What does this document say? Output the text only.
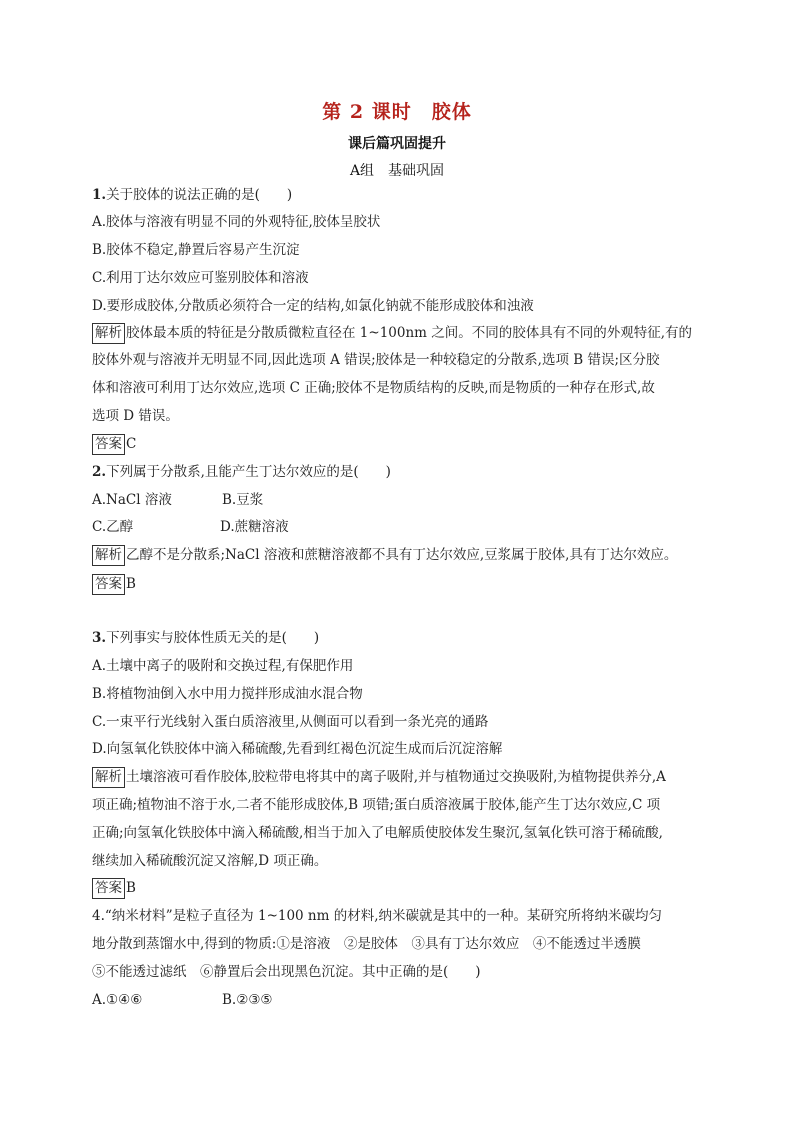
第 2 课时　胶体
课后篇巩固提升
A组　基础巩固
1.关于胶体的说法正确的是(　　)
A.胶体与溶液有明显不同的外观特征,胶体呈胶状
B.胶体不稳定,静置后容易产生沉淀
C.利用丁达尔效应可鉴别胶体和溶液
D.要形成胶体,分散质必须符合一定的结构,如氯化钠就不能形成胶体和浊液
解析 胶体最本质的特征是分散质微粒直径在 1~100nm 之间。不同的胶体具有不同的外观特征,有的
胶体外观与溶液并无明显不同,因此选项 A 错误;胶体是一种较稳定的分散系,选项 B 错误;区分胶
体和溶液可利用丁达尔效应,选项 C 正确;胶体不是物质结构的反映,而是物质的一种存在形式,故
选项 D 错误。
答案 C
2.下列属于分散系,且能产生丁达尔效应的是(　　)
A.NaCl 溶液	B.豆浆
C.乙醇	D.蔗糖溶液
解析 乙醇不是分散系;NaCl 溶液和蔗糖溶液都不具有丁达尔效应,豆浆属于胶体,具有丁达尔效应。
答案 B
3.下列事实与胶体性质无关的是(　　)
A.土壤中离子的吸附和交换过程,有保肥作用
B.将植物油倒入水中用力搅拌形成油水混合物
C.一束平行光线射入蛋白质溶液里,从侧面可以看到一条光亮的通路
D.向氢氧化铁胶体中滴入稀硫酸,先看到红褐色沉淀生成而后沉淀溶解
解析 土壤溶液可看作胶体,胶粒带电将其中的离子吸附,并与植物通过交换吸附,为植物提供养分,A
项正确;植物油不溶于水,二者不能形成胶体,B 项错;蛋白质溶液属于胶体,能产生丁达尔效应,C 项
正确;向氢氧化铁胶体中滴入稀硫酸,相当于加入了电解质使胶体发生聚沉,氢氧化铁可溶于稀硫酸,
继续加入稀硫酸沉淀又溶解,D 项正确。
答案 B
4.“纳米材料”是粒子直径为 1~100 nm 的材料,纳米碳就是其中的一种。某研究所将纳米碳均匀
地分散到蒸馏水中,得到的物质:①是溶液　②是胶体　③具有丁达尔效应　④不能透过半透膜
⑤不能透过滤纸　⑥静置后会出现黑色沉淀。其中正确的是(　　)
A.①④⑥	B.②③⑤
